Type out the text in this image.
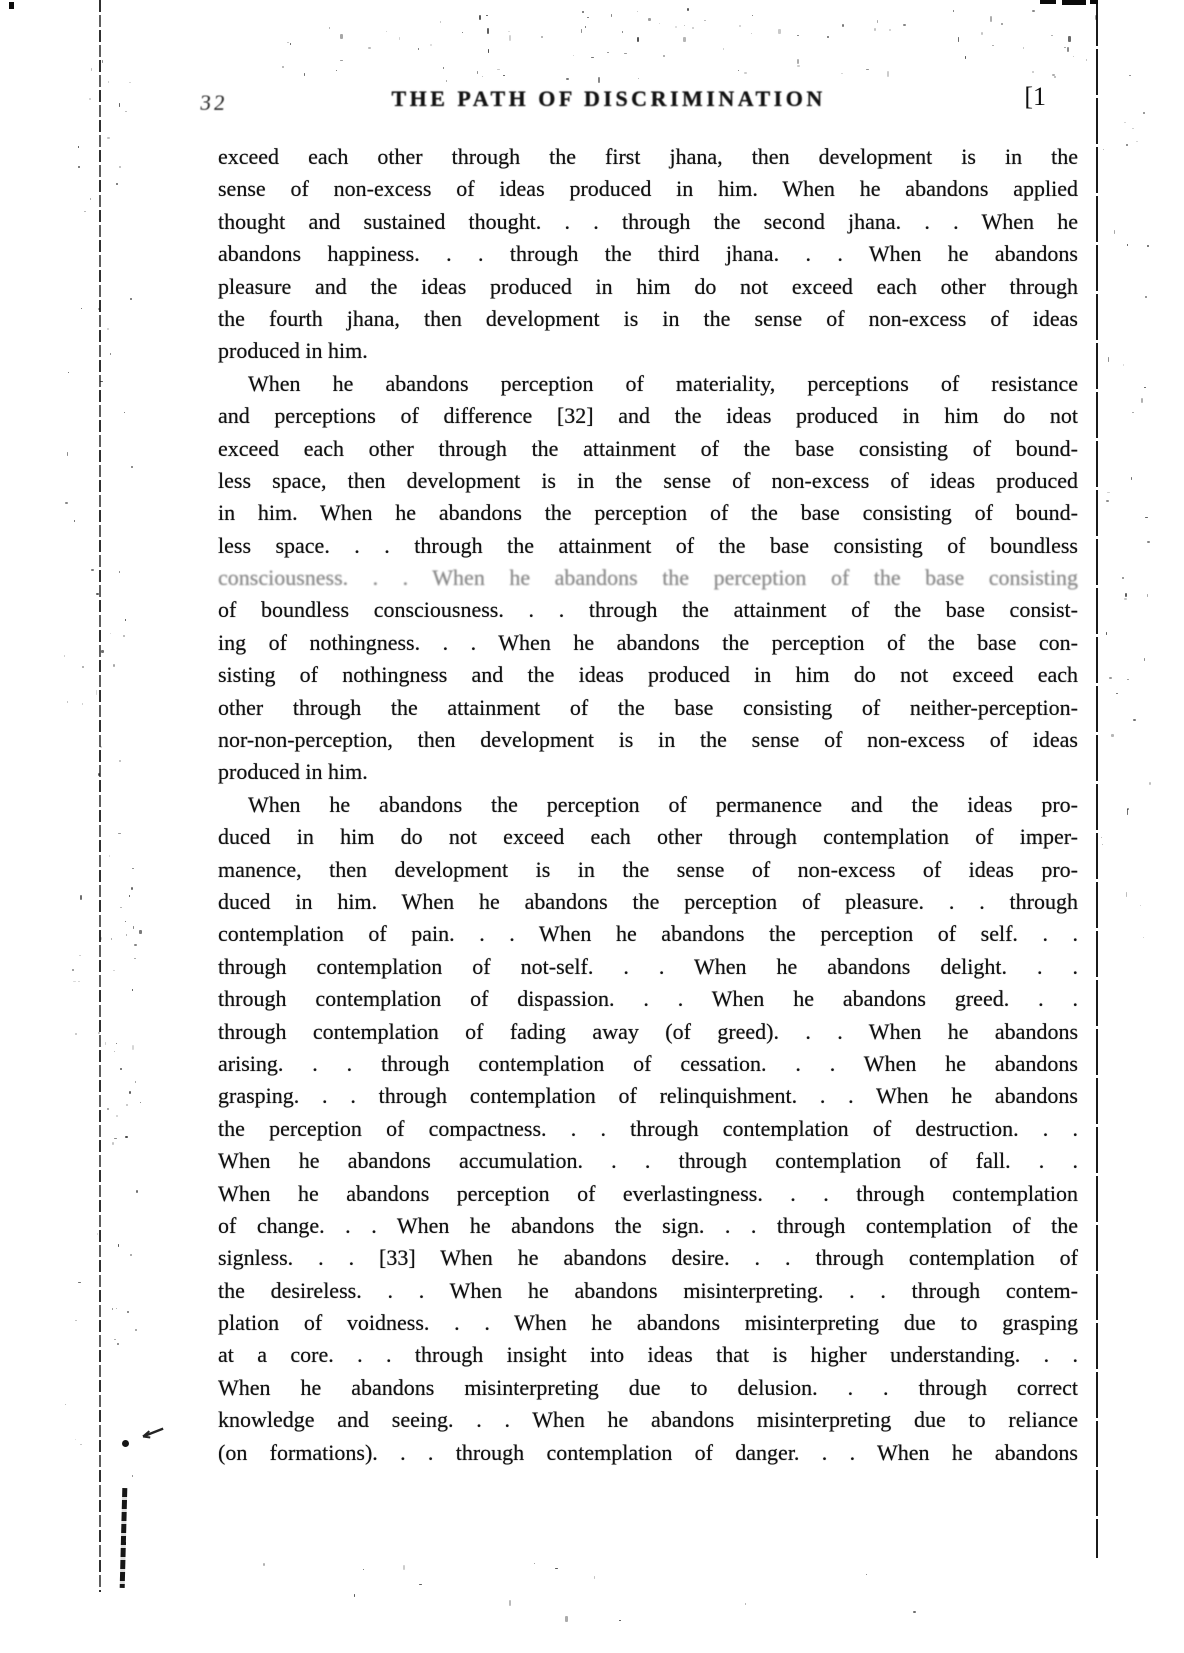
32	THE PATH OF DISCRIMINATION	[1
exceed each other through the first jhana, then development is in the
sense of non-excess of ideas produced in him. When he abandons applied
thought and sustained thought. . . through the second jhana. . . When he
abandons happiness. . . through the third jhana. . . When he abandons
pleasure and the ideas produced in him do not exceed each other through
the fourth jhana, then development is in the sense of non-excess of ideas
produced in him.
When he abandons perception of materiality, perceptions of resistance
and perceptions of difference [32] and the ideas produced in him do not
exceed each other through the attainment of the base consisting of bound-
less space, then development is in the sense of non-excess of ideas produced
in him. When he abandons the perception of the base consisting of bound-
less space. . . through the attainment of the base consisting of boundless
consciousness. . . When he abandons the perception of the base consisting
of boundless consciousness. . . through the attainment of the base consist-
ing of nothingness. . . When he abandons the perception of the base con-
sisting of nothingness and the ideas produced in him do not exceed each
other through the attainment of the base consisting of neither-perception-
nor-non-perception, then development is in the sense of non-excess of ideas
produced in him.
When he abandons the perception of permanence and the ideas pro-
duced in him do not exceed each other through contemplation of imper-
manence, then development is in the sense of non-excess of ideas pro-
duced in him. When he abandons the perception of pleasure. . . through
contemplation of pain. . . When he abandons the perception of self. . .
through contemplation of not-self. . . When he abandons delight. . .
through contemplation of dispassion. . . When he abandons greed. . .
through contemplation of fading away (of greed). . . When he abandons
arising. . . through contemplation of cessation. . . When he abandons
grasping. . . through contemplation of relinquishment. . . When he abandons
the perception of compactness. . . through contemplation of destruction. . .
When he abandons accumulation. . . through contemplation of fall. . .
When he abandons perception of everlastingness. . . through contemplation
of change. . . When he abandons the sign. . . through contemplation of the
signless. . . [33] When he abandons desire. . . through contemplation of
the desireless. . . When he abandons misinterpreting. . . through contem-
plation of voidness. . . When he abandons misinterpreting due to grasping
at a core. . . through insight into ideas that is higher understanding. . .
When he abandons misinterpreting due to delusion. . . through correct
knowledge and seeing. . . When he abandons misinterpreting due to reliance
(on formations). . . through contemplation of danger. . . When he abandons
